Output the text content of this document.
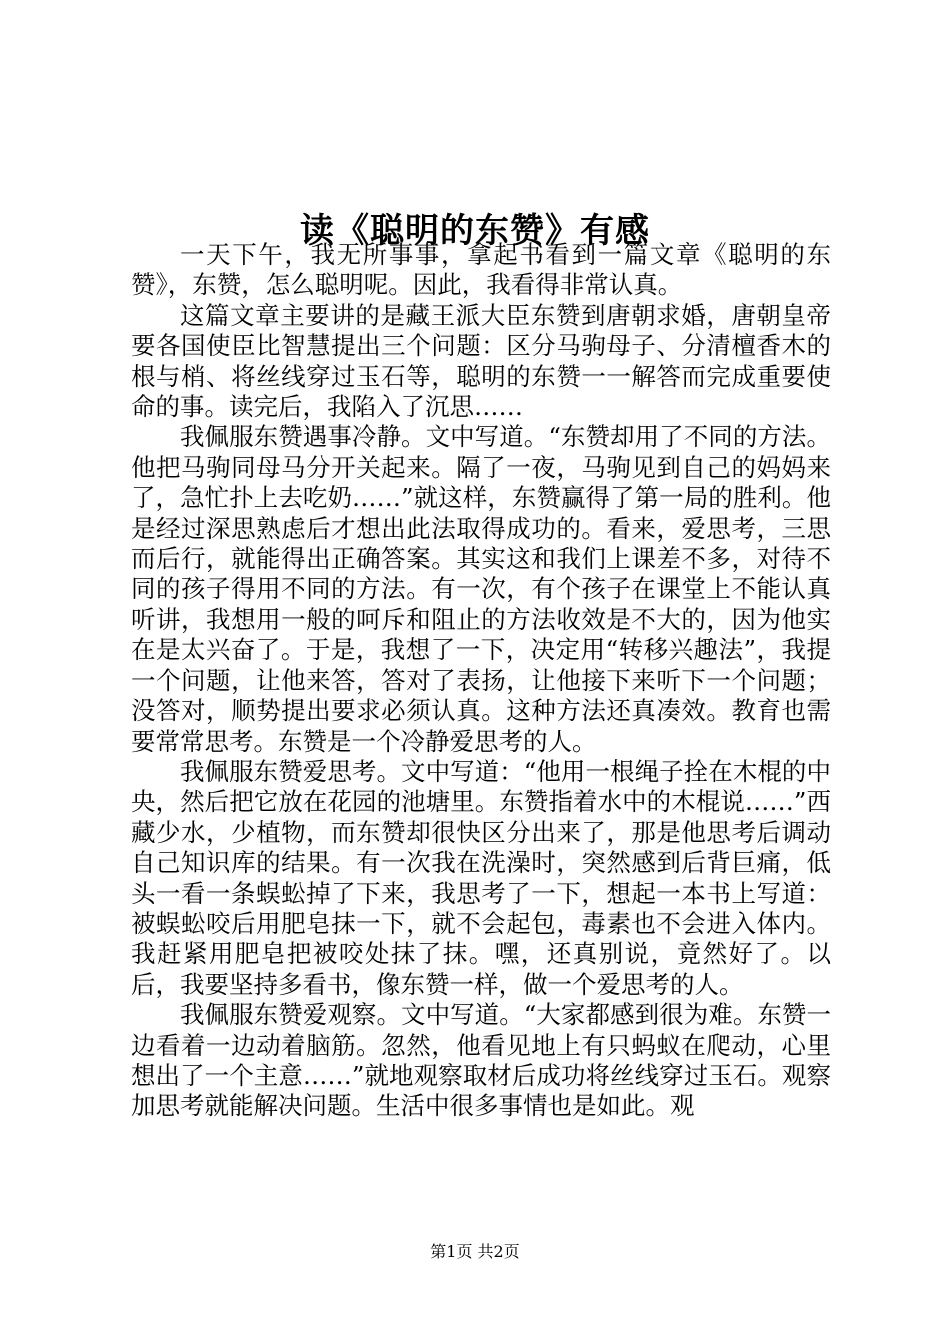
读《聪明的东赞》有感

一天下午，我无所事事，拿起书看到一篇文章《聪明的东赞》，东赞，怎么聪明呢。因此，我看得非常认真。

这篇文章主要讲的是藏王派大臣东赞到唐朝求婚，唐朝皇帝要各国使臣比智慧提出三个问题：区分马驹母子、分清檀香木的根与梢、将丝线穿过玉石等，聪明的东赞一一解答而完成重要使命的事。读完后，我陷入了沉思……

我佩服东赞遇事冷静。文中写道。“东赞却用了不同的方法。他把马驹同母马分开关起来。隔了一夜，马驹见到自己的妈妈来了，急忙扑上去吃奶……”就这样，东赞赢得了第一局的胜利。他是经过深思熟虑后才想出此法取得成功的。看来，爱思考，三思而后行，就能得出正确答案。其实这和我们上课差不多，对待不同的孩子得用不同的方法。有一次，有个孩子在课堂上不能认真听讲，我想用一般的呵斥和阻止的方法收效是不大的，因为他实在是太兴奋了。于是，我想了一下，决定用“转移兴趣法”，我提一个问题，让他来答，答对了表扬，让他接下来听下一个问题；没答对，顺势提出要求必须认真。这种方法还真凑效。教育也需要常常思考。东赞是一个冷静爱思考的人。

我佩服东赞爱思考。文中写道：“他用一根绳子拴在木棍的中央，然后把它放在花园的池塘里。东赞指着水中的木棍说……”西藏少水，少植物，而东赞却很快区分出来了，那是他思考后调动自己知识库的结果。有一次我在洗澡时，突然感到后背巨痛，低头一看一条蜈蚣掉了下来，我思考了一下，想起一本书上写道：被蜈蚣咬后用肥皂抹一下，就不会起包，毒素也不会进入体内。我赶紧用肥皂把被咬处抹了抹。嘿，还真别说，竟然好了。以后，我要坚持多看书，像东赞一样，做一个爱思考的人。

我佩服东赞爱观察。文中写道。“大家都感到很为难。东赞一边看着一边动着脑筋。忽然，他看见地上有只蚂蚁在爬动，心里想出了一个主意……”就地观察取材后成功将丝线穿过玉石。观察加思考就能解决问题。生活中很多事情也是如此。观

第1页 共2页
